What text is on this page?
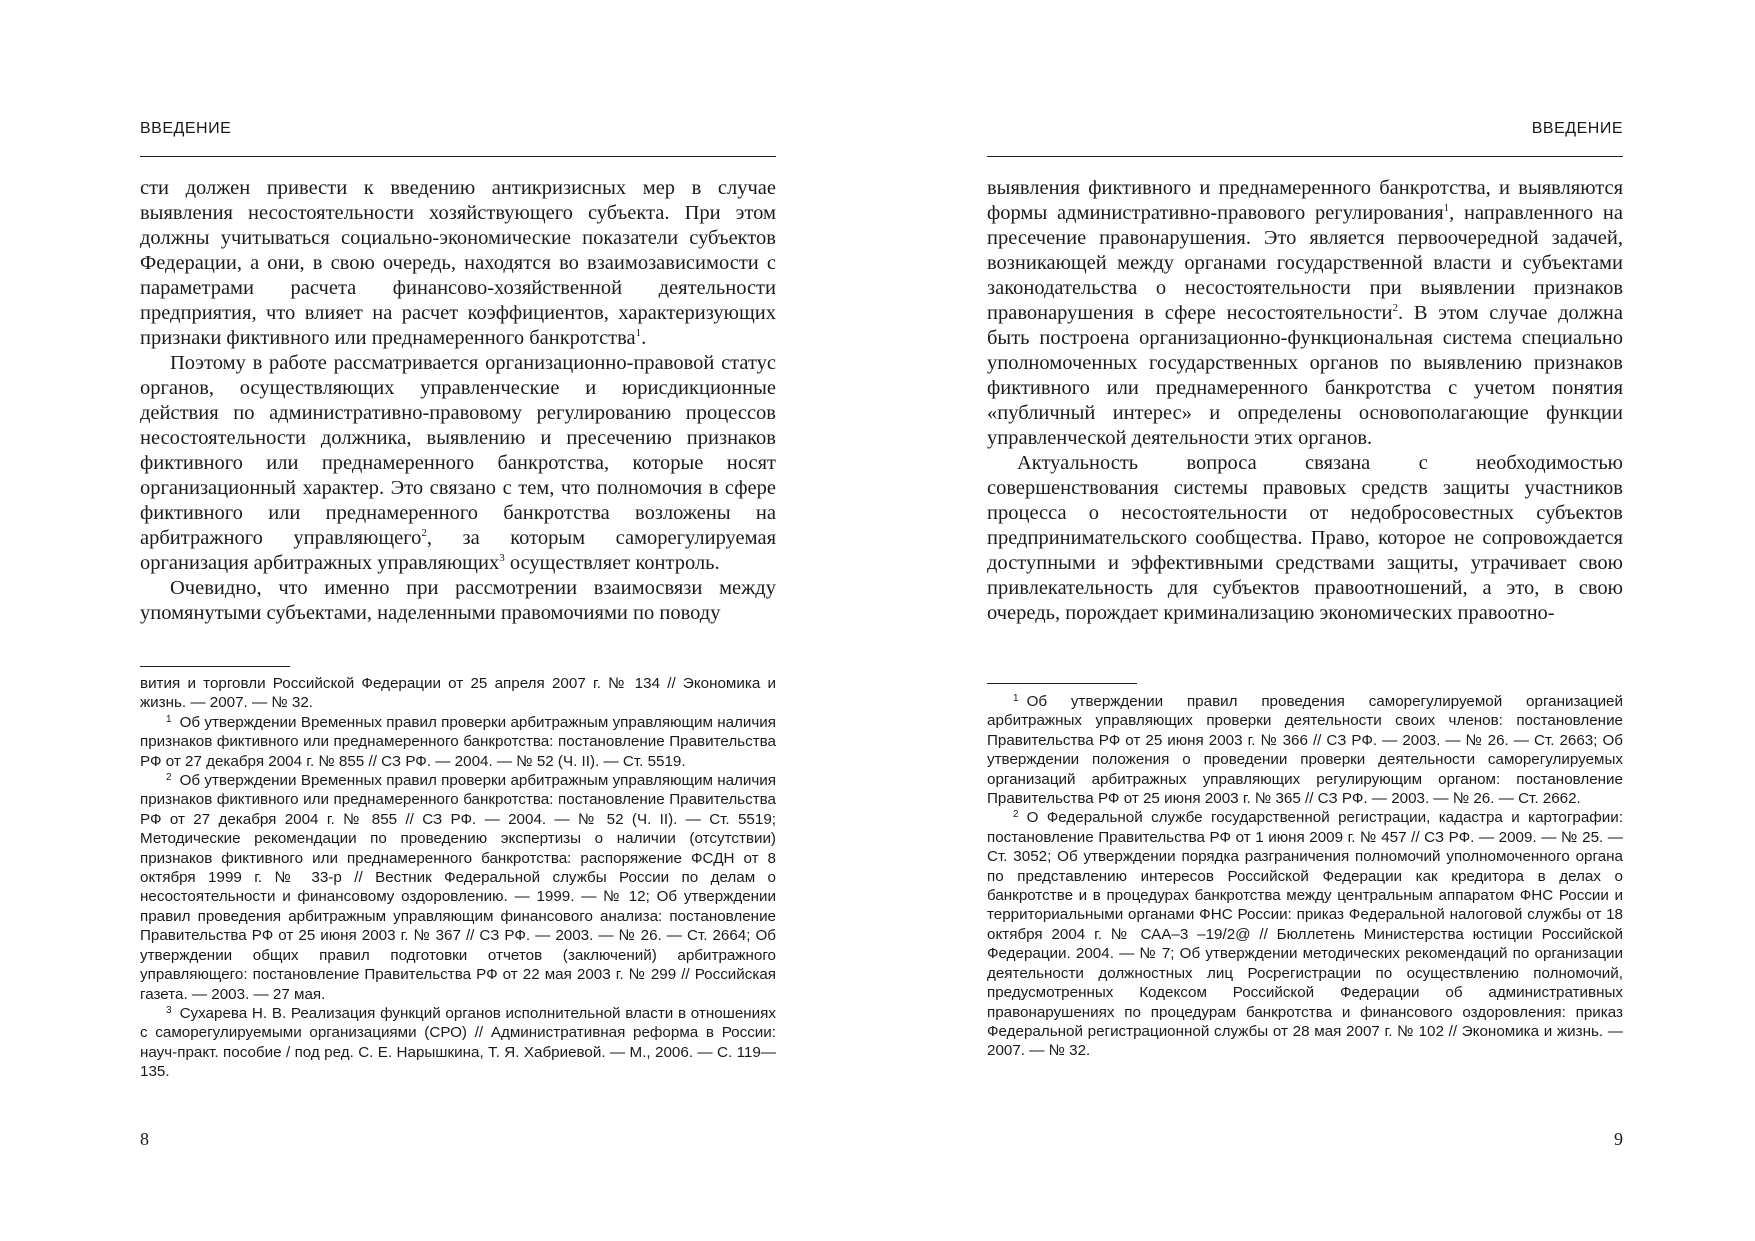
ВВЕДЕНИЕ

сти должен привести к введению антикризисных мер в случае выявления несостоятельности хозяйствующего субъекта. При этом должны учитываться социально-экономические показатели субъектов Федерации, а они, в свою очередь, находятся во взаимозависимости с параметрами расчета финансово-хозяйственной деятельности предприятия, что влияет на расчет коэффициентов, характеризующих признаки фиктивного или преднамеренного банкротства$^1$.

Поэтому в работе рассматривается организационно-правовой статус органов, осуществляющих управленческие и юрисдикционные действия по административно-правовому регулированию процессов несостоятельности должника, выявлению и пресечению признаков фиктивного или преднамеренного банкротства, которые носят организационный характер. Это связано с тем, что полномочия в сфере фиктивного или преднамеренного банкротства возложены на арбитражного управляющего$^2$, за которым саморегулируемая организация арбитражных управляющих$^3$ осуществляет контроль.

Очевидно, что именно при рассмотрении взаимосвязи между упомянутыми субъектами, наделенными правомочиями по поводу

вития и торговли Российской Федерации от 25 апреля 2007 г. № 134 // Экономика и жизнь. — 2007. — № 32.

$^1$ Об утверждении Временных правил проверки арбитражным управляющим наличия признаков фиктивного или преднамеренного банкротства: постановление Правительства РФ от 27 декабря 2004 г. № 855 // СЗ РФ. — 2004. — № 52 (Ч. II). — Ст. 5519.

$^2$ Об утверждении Временных правил проверки арбитражным управляющим наличия признаков фиктивного или преднамеренного банкротства: постановление Правительства РФ от 27 декабря 2004 г. № 855 // СЗ РФ. — 2004. — № 52 (Ч. II). — Ст. 5519; Методические рекомендации по проведению экспертизы о наличии (отсутствии) признаков фиктивного или преднамеренного банкротства: распоряжение ФСДН от 8 октября 1999 г. № 33-р // Вестник Федеральной службы России по делам о несостоятельности и финансовому оздоровлению. — 1999. — № 12; Об утверждении правил проведения арбитражным управляющим финансового анализа: постановление Правительства РФ от 25 июня 2003 г. № 367 // СЗ РФ. — 2003. — № 26. — Ст. 2664; Об утверждении общих правил подготовки отчетов (заключений) арбитражного управляющего: постановление Правительства РФ от 22 мая 2003 г. № 299 // Российская газета. — 2003. — 27 мая.

$^3$ Сухарева Н. В. Реализация функций органов исполнительной власти в отношениях с саморегулируемыми организациями (СРО) // Административная реформа в России: науч-практ. пособие / под ред. С. Е. Нарышкина, Т. Я. Хабриевой. — М., 2006. — С. 119—135.

8
ВВЕДЕНИЕ

выявления фиктивного и преднамеренного банкротства, и выявляются формы административно-правового регулирования$^1$, направленного на пресечение правонарушения. Это является первоочередной задачей, возникающей между органами государственной власти и субъектами законодательства о несостоятельности при выявлении признаков правонарушения в сфере несостоятельности$^2$. В этом случае должна быть построена организационно-функциональная система специально уполномоченных государственных органов по выявлению признаков фиктивного или преднамеренного банкротства с учетом понятия «публичный интерес» и определены основополагающие функции управленческой деятельности этих органов.

Актуальность вопроса связана с необходимостью совершенствования системы правовых средств защиты участников процесса о несостоятельности от недобросовестных субъектов предпринимательского сообщества. Право, которое не сопровождается доступными и эффективными средствами защиты, утрачивает свою привлекательность для субъектов правоотношений, а это, в свою очередь, порождает криминализацию экономических правоотно-

$^1$ Об утверждении правил проведения саморегулируемой организацией арбитражных управляющих проверки деятельности своих членов: постановление Правительства РФ от 25 июня 2003 г. № 366 // СЗ РФ. — 2003. — № 26. — Ст. 2663; Об утверждении положения о проведении проверки деятельности саморегулируемых организаций арбитражных управляющих регулирующим органом: постановление Правительства РФ от 25 июня 2003 г. № 365 // СЗ РФ. — 2003. — № 26. — Ст. 2662.

$^2$ О Федеральной службе государственной регистрации, кадастра и картографии: постановление Правительства РФ от 1 июня 2009 г. № 457 // СЗ РФ. — 2009. — № 25. — Ст. 3052; Об утверждении порядка разграничения полномочий уполномоченного органа по представлению интересов Российской Федерации как кредитора в делах о банкротстве и в процедурах банкротства между центральным аппаратом ФНС России и территориальными органами ФНС России: приказ Федеральной налоговой службы от 18 октября 2004 г. № САА–3 –19/2@ // Бюллетень Министерства юстиции Российской Федерации. 2004. — № 7; Об утверждении методических рекомендаций по организации деятельности должностных лиц Росрегистрации по осуществлению полномочий, предусмотренных Кодексом Российской Федерации об административных правонарушениях по процедурам банкротства и финансового оздоровления: приказ Федеральной регистрационной службы от 28 мая 2007 г. № 102 // Экономика и жизнь. — 2007. — № 32.

9
